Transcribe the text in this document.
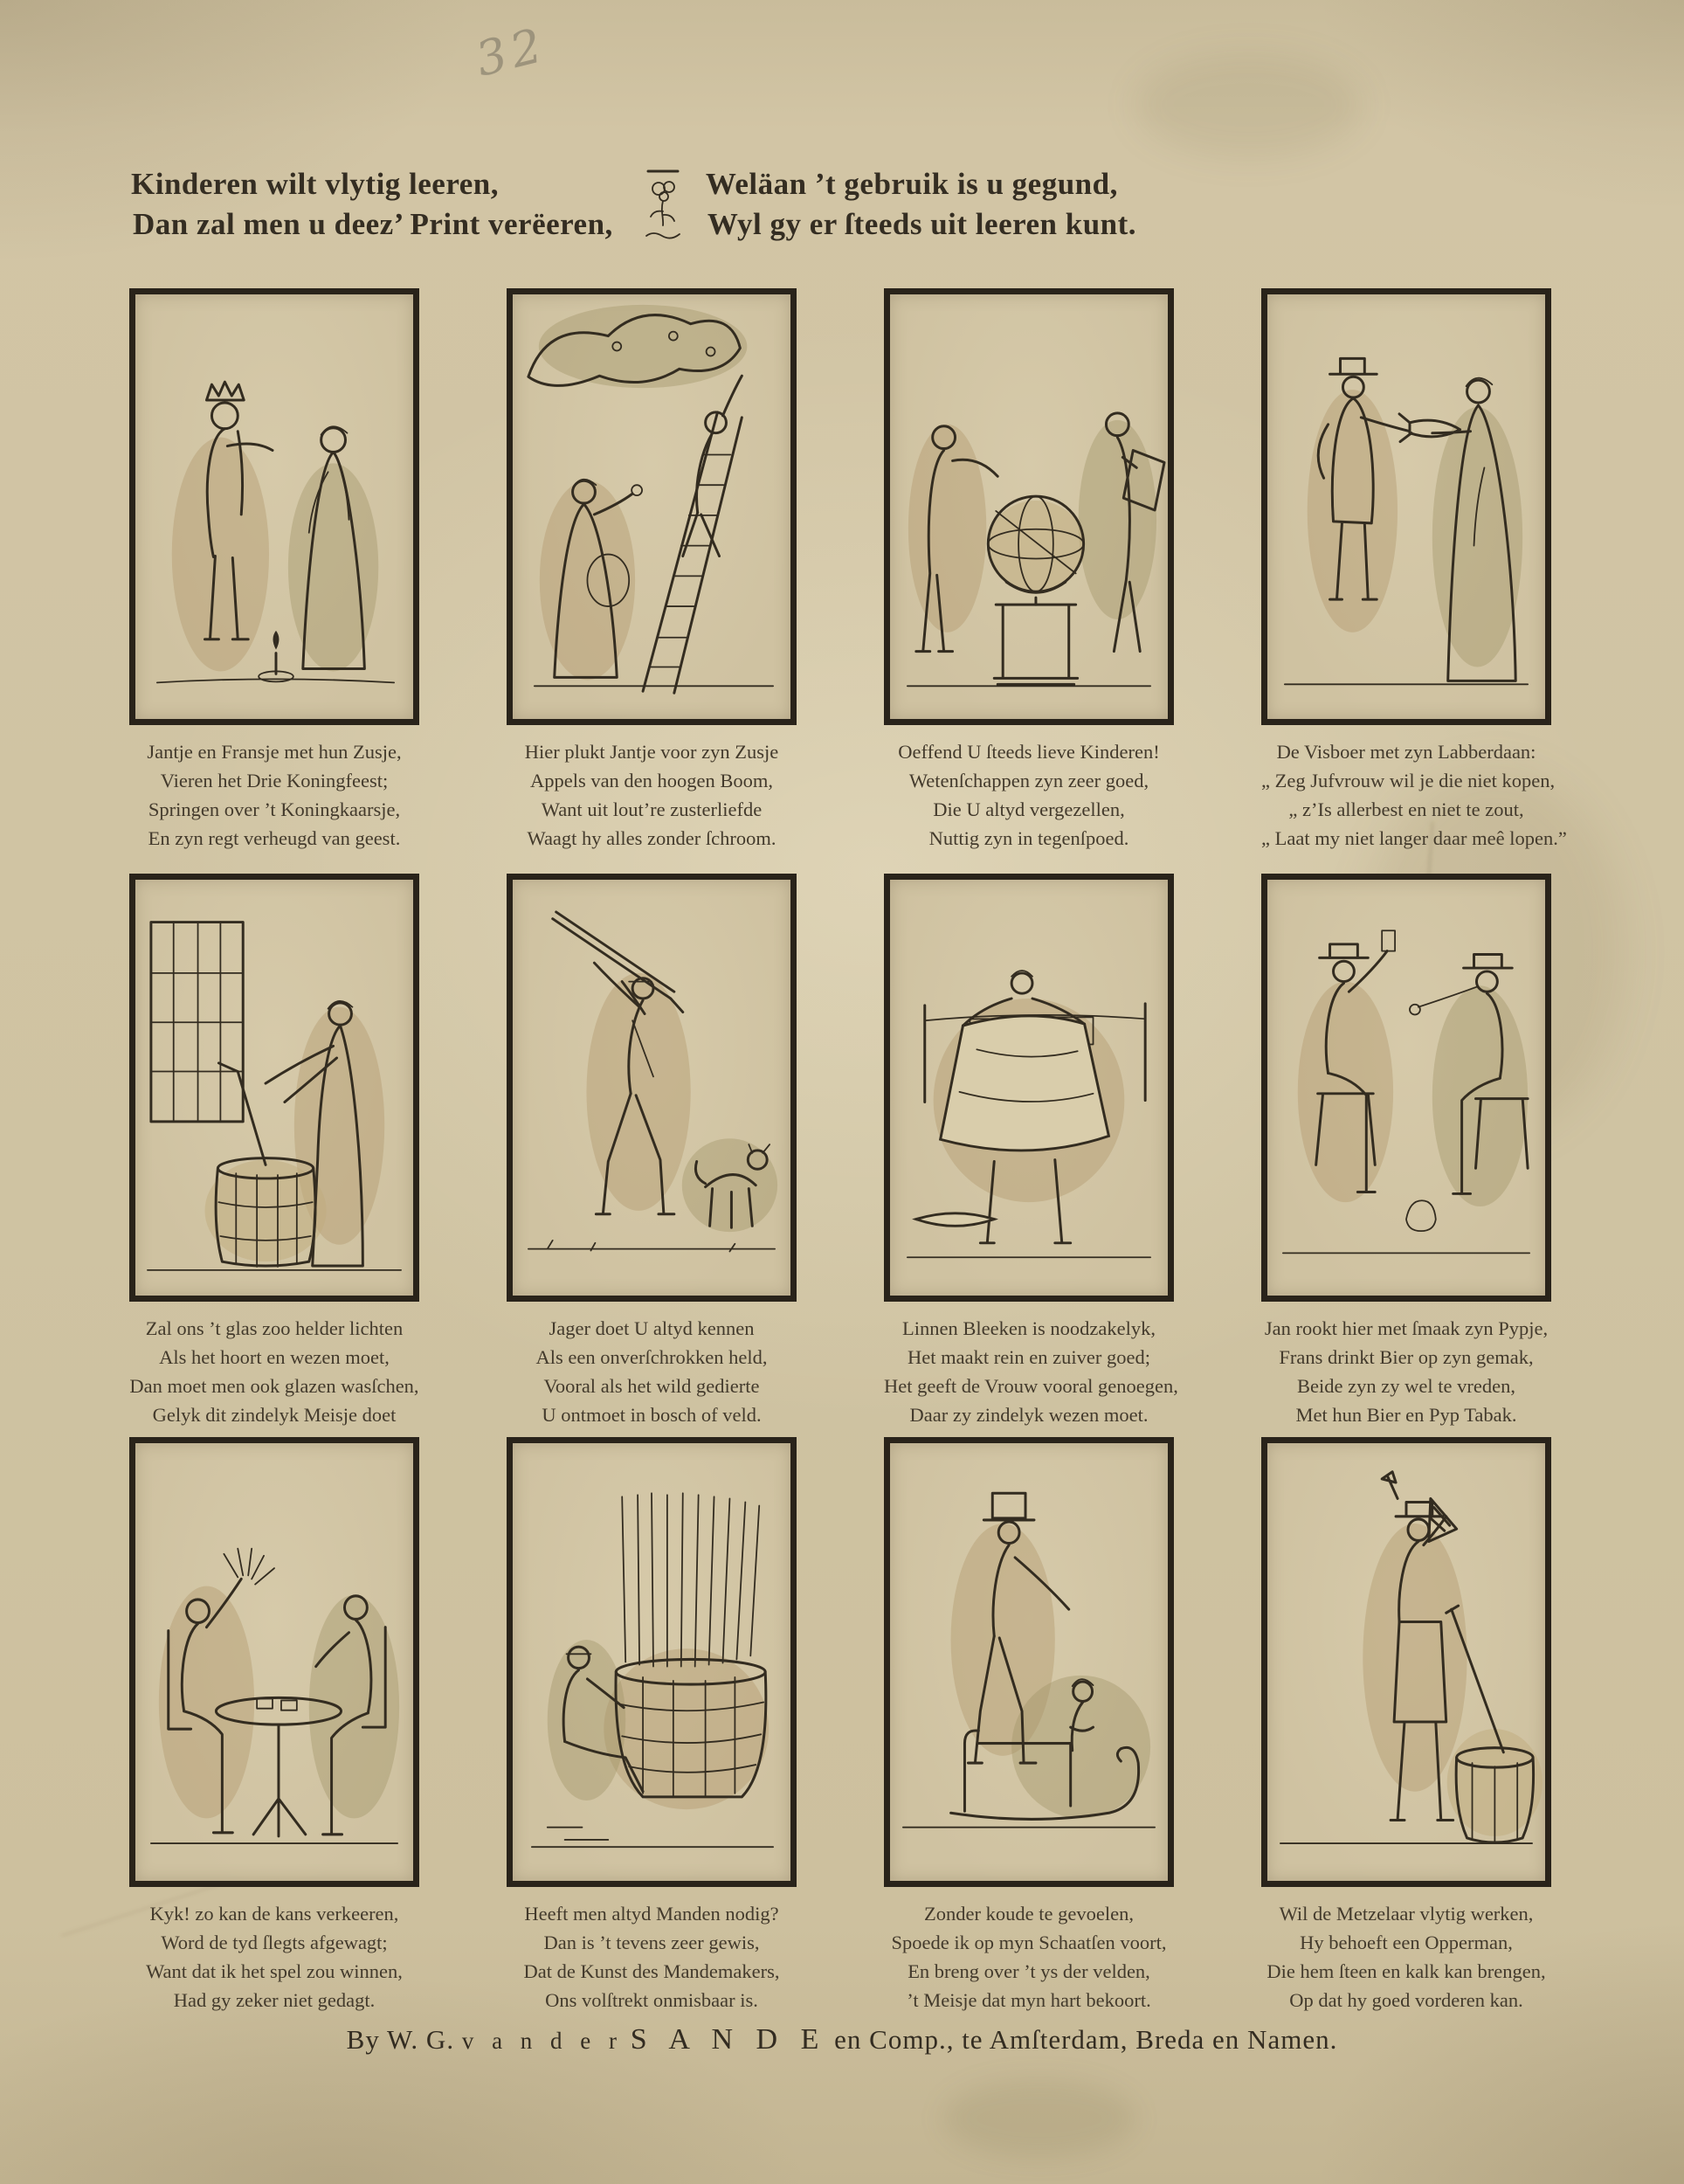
32
Kinderen wilt vlytig leeren,
Dan zal men u deez’ Print verëeren,
Weläan ’t gebruik is u gegund,
Wyl gy er ſteeds uit leeren kunt.
Jantje en Fransje met hun Zusje,
Vieren het Drie Koningfeest;
Springen over ’t Koningkaarsje,
En zyn regt verheugd van geest.
Hier plukt Jantje voor zyn Zusje
Appels van den hoogen Boom,
Want uit lout’re zusterliefde
Waagt hy alles zonder ſchroom.
Oeffend U ſteeds lieve Kinderen!
Wetenſchappen zyn zeer goed,
Die U altyd vergezellen,
Nuttig zyn in tegenſpoed.
De Visboer met zyn Labberdaan:
„ Zeg Jufvrouw wil je die niet kopen,
„ z’Is allerbest en niet te zout,
„ Laat my niet langer daar meê lopen.”
Zal ons ’t glas zoo helder lichten
Als het hoort en wezen moet,
Dan moet men ook glazen wasſchen,
Gelyk dit zindelyk Meisje doet
Jager doet U altyd kennen
Als een onverſchrokken held,
Vooral als het wild gedierte
U ontmoet in bosch of veld.
Linnen Bleeken is noodzakelyk,
Het maakt rein en zuiver goed;
Het geeft de Vrouw vooral genoegen,
Daar zy zindelyk wezen moet.
Jan rookt hier met ſmaak zyn Pypje,
Frans drinkt Bier op zyn gemak,
Beide zyn zy wel te vreden,
Met hun Bier en Pyp Tabak.
Kyk! zo kan de kans verkeeren,
Word de tyd ſlegts afgewagt;
Want dat ik het spel zou winnen,
Had gy zeker niet gedagt.
Heeft men altyd Manden nodig?
Dan is ’t tevens zeer gewis,
Dat de Kunst des Mandemakers,
Ons volſtrekt onmisbaar is.
Zonder koude te gevoelen,
Spoede ik op myn Schaatſen voort,
En breng over ’t ys der velden,
’t Meisje dat myn hart bekoort.
Wil de Metzelaar vlytig werken,
Hy behoeft een Opperman,
Die hem ſteen en kalk kan brengen,
Op dat hy goed vorderen kan.
By W. G. v a n d e r S A N D E en Comp., te Amſterdam, Breda en Namen.
